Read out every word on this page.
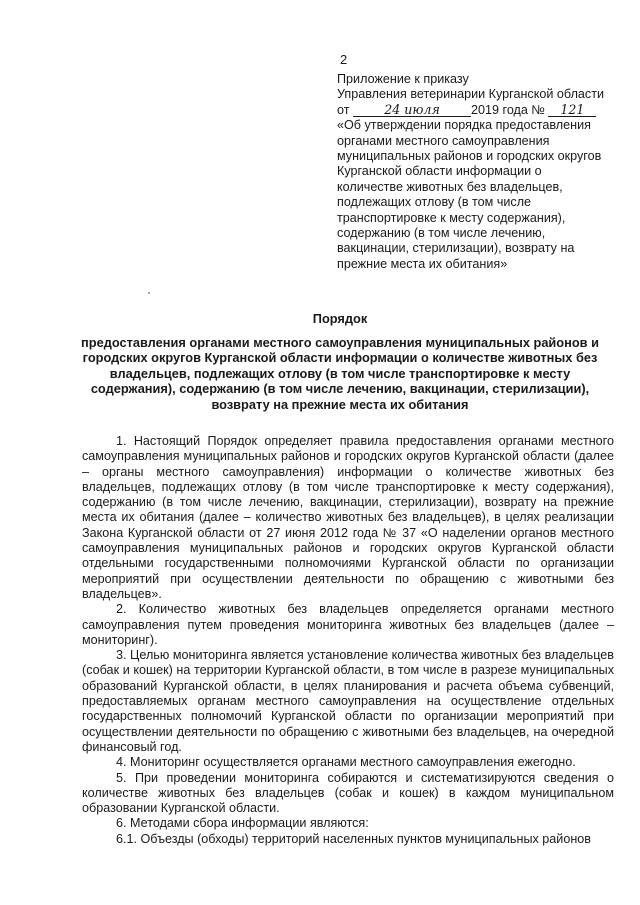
2
Приложение к приказу
Управления ветеринарии Курганской области
от	24 июля 2019 года № 121
«Об утверждении порядка предоставления
органами местного самоуправления
муниципальных районов и городских округов
Курганской области информации о
количестве животных без владельцев,
подлежащих отлову (в том числе
транспортировке к месту содержания),
содержанию (в том числе лечению,
вакцинации, стерилизации), возврату на
прежние места их обитания»
Порядок
предоставления органами местного самоуправления муниципальных районов и городских округов Курганской области информации о количестве животных без владельцев, подлежащих отлову (в том числе транспортировке к месту содержания), содержанию (в том числе лечению, вакцинации, стерилизации), возврату на прежние места их обитания

1. Настоящий Порядок определяет правила предоставления органами местного самоуправления муниципальных районов и городских округов Курганской области (далее – органы местного самоуправления) информации о количестве животных без владельцев, подлежащих отлову (в том числе транспортировке к месту содержания), содержанию (в том числе лечению, вакцинации, стерилизации), возврату на прежние места их обитания (далее – количество животных без владельцев), в целях реализации Закона Курганской области от 27 июня 2012 года № 37 «О наделении органов местного самоуправления муниципальных районов и городских округов Курганской области отдельными государственными полномочиями Курганской области по организации мероприятий при осуществлении деятельности по обращению с животными без владельцев».

2. Количество животных без владельцев определяется органами местного самоуправления путем проведения мониторинга животных без владельцев (далее – мониторинг).

3. Целью мониторинга является установление количества животных без владельцев (собак и кошек) на территории Курганской области, в том числе в разрезе муниципальных образований Курганской области, в целях планирования и расчета объема субвенций, предоставляемых органам местного самоуправления на осуществление отдельных государственных полномочий Курганской области по организации мероприятий при осуществлении деятельности по обращению с животными без владельцев, на очередной финансовый год.

4. Мониторинг осуществляется органами местного самоуправления ежегодно.

5. При проведении мониторинга собираются и систематизируются сведения о количестве животных без владельцев (собак и кошек) в каждом муниципальном образовании Курганской области.

6. Методами сбора информации являются:

6.1. Объезды (обходы) территорий населенных пунктов муниципальных районов
